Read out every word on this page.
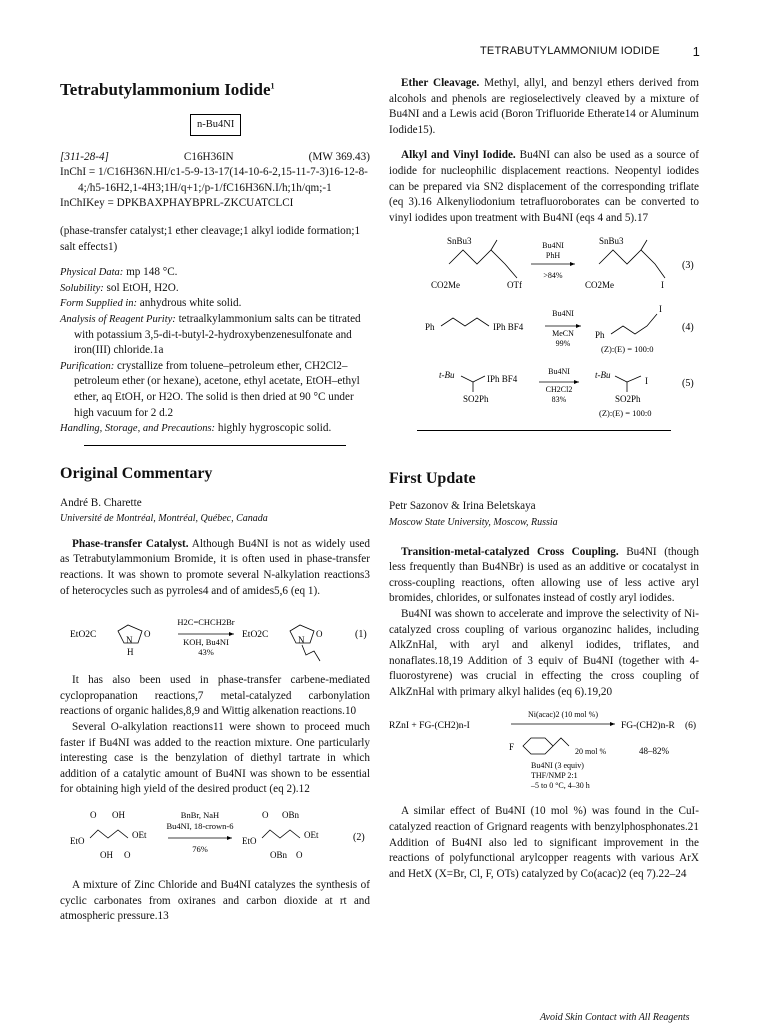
TETRABUTYLAMMONIUM IODIDE	1
Tetrabutylammonium Iodide$^1$
n-Bu4NI
[311-28-4]	C16H36IN	(MW 369.43)

InChI = 1/C16H36N.HI/c1-5-9-13-17(14-10-6-2,15-11-7-3)16-12-8-4;/h5-16H2,1-4H3;1H/q+1;/p-1/fC16H36N.I/h;1h/qm;-1

InChIKey = DPKBAXPHAYBPRL-ZKCUATCLCI

(phase-transfer catalyst;1 ether cleavage;1 alkyl iodide formation;1 salt effects1)

Physical Data: mp 148 °C.

Solubility: sol EtOH, H2O.

Form Supplied in: anhydrous white solid.

Analysis of Reagent Purity: tetraalkylammonium salts can be titrated with potassium 3,5-di-t-butyl-2-hydroxybenzenesulfonate and iron(III) chloride.1a

Purification: crystallize from toluene–petroleum ether, CH2Cl2–petroleum ether (or hexane), acetone, ethyl acetate, EtOH–ethyl ether, aq EtOH, or H2O. The solid is then dried at 90 °C under high vacuum for 2 d.2

Handling, Storage, and Precautions: highly hygroscopic solid.

Original Commentary
André B. Charette
Université de Montréal, Montréal, Québec, Canada

Phase-transfer Catalyst. Although Bu4NI is not as widely used as Tetrabutylammonium Bromide, it is often used in phase-transfer reactions. It was shown to promote several N-alkylation reactions3 of heterocycles such as pyrroles4 and of amides5,6 (eq 1).

EtO2C	N
H
O
H2C=CHCH2Br
KOH, Bu4NI
43%
EtO2C	N
O	(1)

It has also been used in phase-transfer carbene-mediated cyclopropanation reactions,7 metal-catalyzed carbonylation reactions of organic halides,8,9 and Wittig alkenation reactions.10

Several O-alkylation reactions11 were shown to proceed much faster if Bu4NI was added to the reaction mixture. One particularly interesting case is the benzylation of diethyl tartrate in which addition of a catalytic amount of Bu4NI was shown to be essential for obtaining high yield of the desired product (eq 2).12

O OH
EtO
OEt
OH O
BnBr, NaH
Bu4NI, 18-crown-6
76%
O OBn
EtO
OEt
OBn O
(2)

A mixture of Zinc Chloride and Bu4NI catalyzes the synthesis of cyclic carbonates from oxiranes and carbon dioxide at rt and atmospheric pressure.13

Ether Cleavage. Methyl, allyl, and benzyl ethers derived from alcohols and phenols are regioselectively cleaved by a mixture of Bu4NI and a Lewis acid (Boron Trifluoride Etherate14 or Aluminum Iodide15).

Alkyl and Vinyl Iodide. Bu4NI can also be used as a source of iodide for nucleophilic displacement reactions. Neopentyl iodides can be prepared via SN2 displacement of the corresponding triflate (eq 3).16 Alkenyliodonium tetrafluoroborates can be converted to vinyl iodides upon treatment with Bu4NI (eqs 4 and 5).17

SnBu3
CO2Me	OTf
Bu4NI
PhH
>84%
SnBu3
CO2Me	I
(3)
Ph	IPh BF4
Bu4NI
MeCN
99%
Ph
I
(Z):(E) = 100:0
(4)
t-Bu	IPh BF4
SO2Ph
Bu4NI
CH2Cl2
83%
t-Bu
I
SO2Ph
(Z):(E) = 100:0
(5)
First Update
Petr Sazonov & Irina Beletskaya
Moscow State University, Moscow, Russia

Transition-metal-catalyzed Cross Coupling. Bu4NI (though less frequently than Bu4NBr) is used as an additive or cocatalyst in cross-coupling reactions, often allowing use of less active aryl bromides, chlorides, or sulfonates instead of costly aryl iodides.

Bu4NI was shown to accelerate and improve the selectivity of Ni-catalyzed cross coupling of various organozinc halides, including AlkZnHal, with aryl and alkenyl iodides, triflates, and nonaflates.18,19 Addition of 3 equiv of Bu4NI (together with 4-fluorostyrene) was crucial in effecting the cross coupling of AlkZnHal with primary alkyl halides (eq 6).19,20

RZnI + FG-(CH2)n-I
Ni(acac)2 (10 mol %)
FG-(CH2)n-R (6)
F	20 mol %	48–82%
Bu4NI (3 equiv)
THF/NMP 2:1
–5 to 0 °C, 4–30 h

A similar effect of Bu4NI (10 mol %) was found in the CuI-catalyzed reaction of Grignard reagents with benzylphosphonates.21 Addition of Bu4NI also led to significant improvement in the reactions of polyfunctional arylcopper reagents with various ArX and HetX (X=Br, Cl, F, OTs) catalyzed by Co(acac)2 (eq 7).22–24

Avoid Skin Contact with All Reagents
